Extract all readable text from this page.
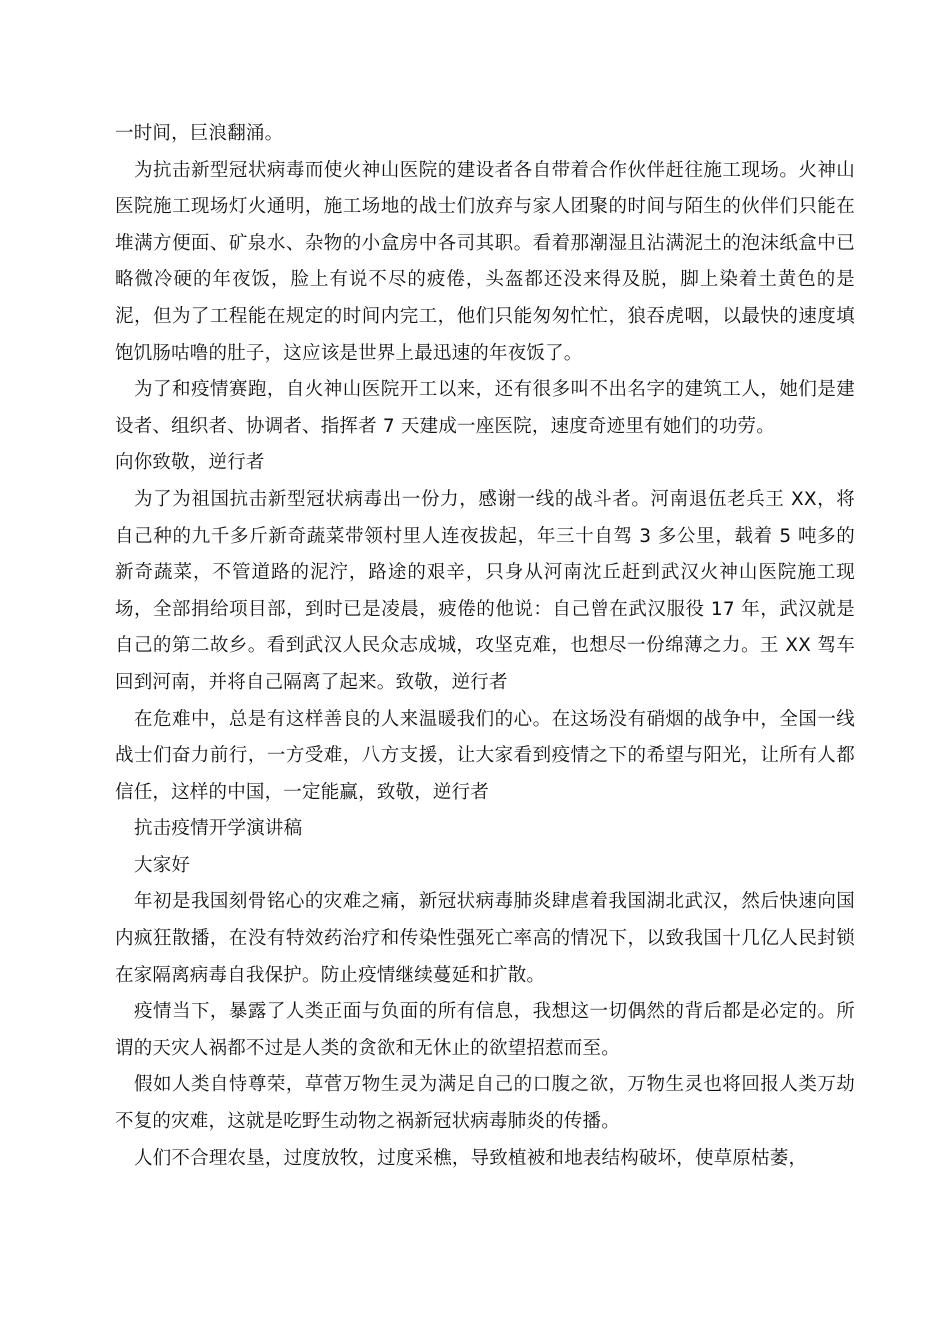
一时间，巨浪翻涌。

为抗击新型冠状病毒而使火神山医院的建设者各自带着合作伙伴赶往施工现场。火神山医院施工现场灯火通明，施工场地的战士们放弃与家人团聚的时间与陌生的伙伴们只能在堆满方便面、矿泉水、杂物的小盒房中各司其职。看着那潮湿且沾满泥土的泡沫纸盒中已略微冷硬的年夜饭，脸上有说不尽的疲倦，头盔都还没来得及脱，脚上染着土黄色的是泥，但为了工程能在规定的时间内完工，他们只能匆匆忙忙，狼吞虎咽，以最快的速度填饱饥肠咕噜的肚子，这应该是世界上最迅速的年夜饭了。

为了和疫情赛跑，自火神山医院开工以来，还有很多叫不出名字的建筑工人，她们是建设者、组织者、协调者、指挥者 7 天建成一座医院，速度奇迹里有她们的功劳。

向你致敬，逆行者

为了为祖国抗击新型冠状病毒出一份力，感谢一线的战斗者。河南退伍老兵王 XX，将自己种的九千多斤新奇蔬菜带领村里人连夜拔起，年三十自驾 3 多公里，载着 5 吨多的新奇蔬菜，不管道路的泥泞，路途的艰辛，只身从河南沈丘赶到武汉火神山医院施工现场，全部捐给项目部，到时已是凌晨，疲倦的他说：自己曾在武汉服役 17 年，武汉就是自己的第二故乡。看到武汉人民众志成城，攻坚克难，也想尽一份绵薄之力。王 XX 驾车回到河南，并将自己隔离了起来。致敬，逆行者

在危难中，总是有这样善良的人来温暖我们的心。在这场没有硝烟的战争中，全国一线战士们奋力前行，一方受难，八方支援，让大家看到疫情之下的希望与阳光，让所有人都信任，这样的中国，一定能赢，致敬，逆行者

抗击疫情开学演讲稿

大家好

年初是我国刻骨铭心的灾难之痛，新冠状病毒肺炎肆虐着我国湖北武汉，然后快速向国内疯狂散播，在没有特效药治疗和传染性强死亡率高的情况下，以致我国十几亿人民封锁在家隔离病毒自我保护。防止疫情继续蔓延和扩散。

疫情当下，暴露了人类正面与负面的所有信息，我想这一切偶然的背后都是必定的。所谓的天灾人祸都不过是人类的贪欲和无休止的欲望招惹而至。

假如人类自恃尊荣，草菅万物生灵为满足自己的口腹之欲，万物生灵也将回报人类万劫不复的灾难，这就是吃野生动物之祸新冠状病毒肺炎的传播。

人们不合理农垦，过度放牧，过度采樵，导致植被和地表结构破坏，使草原枯萎，
